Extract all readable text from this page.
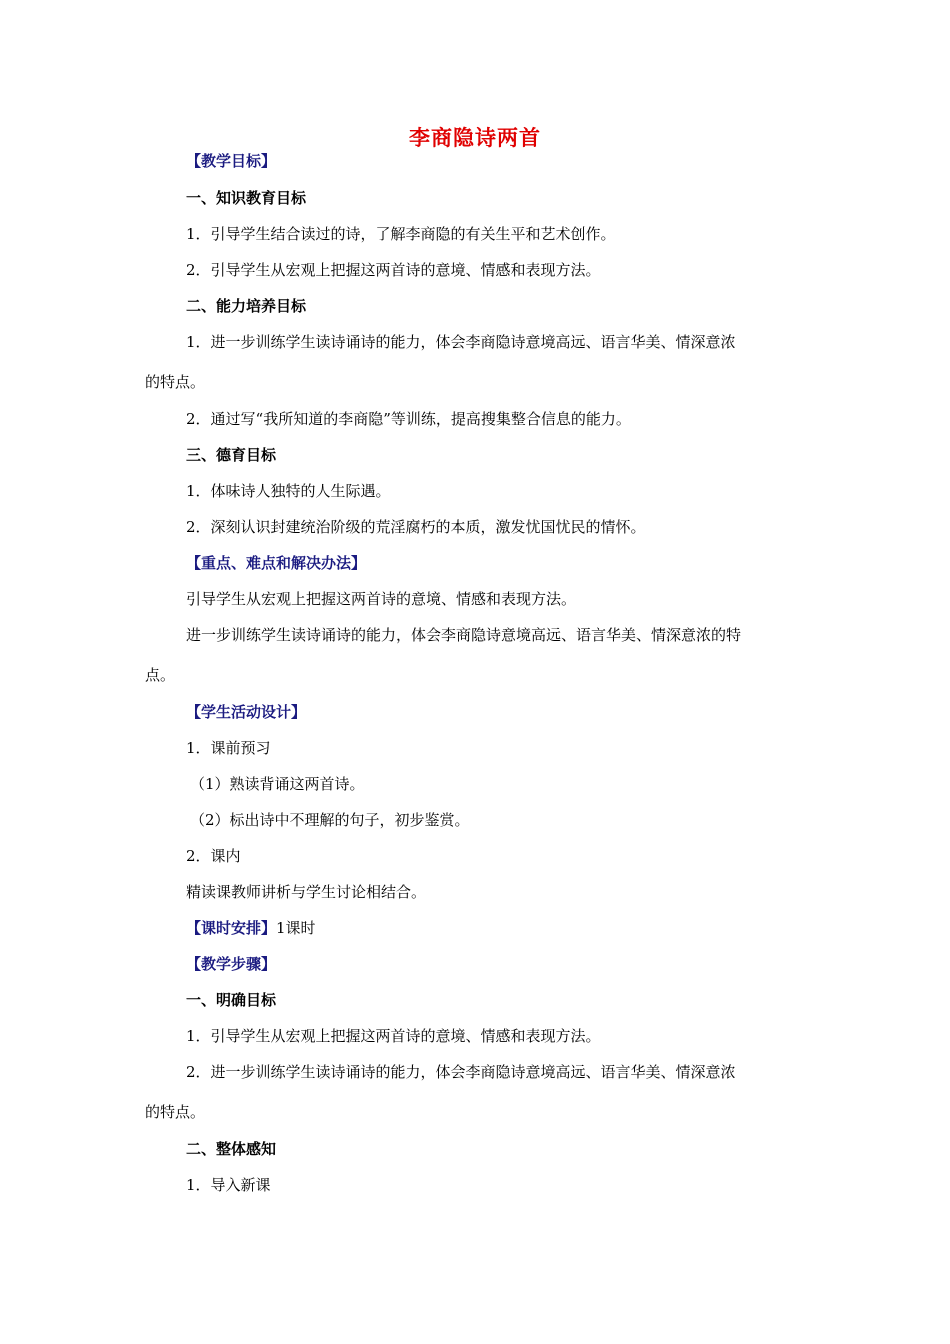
李商隐诗两首
【教学目标】
一、知识教育目标
1．引导学生结合读过的诗，了解李商隐的有关生平和艺术创作。
2．引导学生从宏观上把握这两首诗的意境、情感和表现方法。
二、能力培养目标
1．进一步训练学生读诗诵诗的能力，体会李商隐诗意境高远、语言华美、情深意浓
的特点。
2．通过写“我所知道的李商隐”等训练，提高搜集整合信息的能力。
三、德育目标
1．体味诗人独特的人生际遇。
2．深刻认识封建统治阶级的荒淫腐朽的本质，激发忧国忧民的情怀。
【重点、难点和解决办法】
引导学生从宏观上把握这两首诗的意境、情感和表现方法。
进一步训练学生读诗诵诗的能力，体会李商隐诗意境高远、语言华美、情深意浓的特
点。
【学生活动设计】
1．课前预习
（1）熟读背诵这两首诗。
（2）标出诗中不理解的句子，初步鉴赏。
2．课内
精读课教师讲析与学生讨论相结合。
【课时安排】1课时
【教学步骤】
一、明确目标
1．引导学生从宏观上把握这两首诗的意境、情感和表现方法。
2．进一步训练学生读诗诵诗的能力，体会李商隐诗意境高远、语言华美、情深意浓
的特点。
二、整体感知
1．导入新课
